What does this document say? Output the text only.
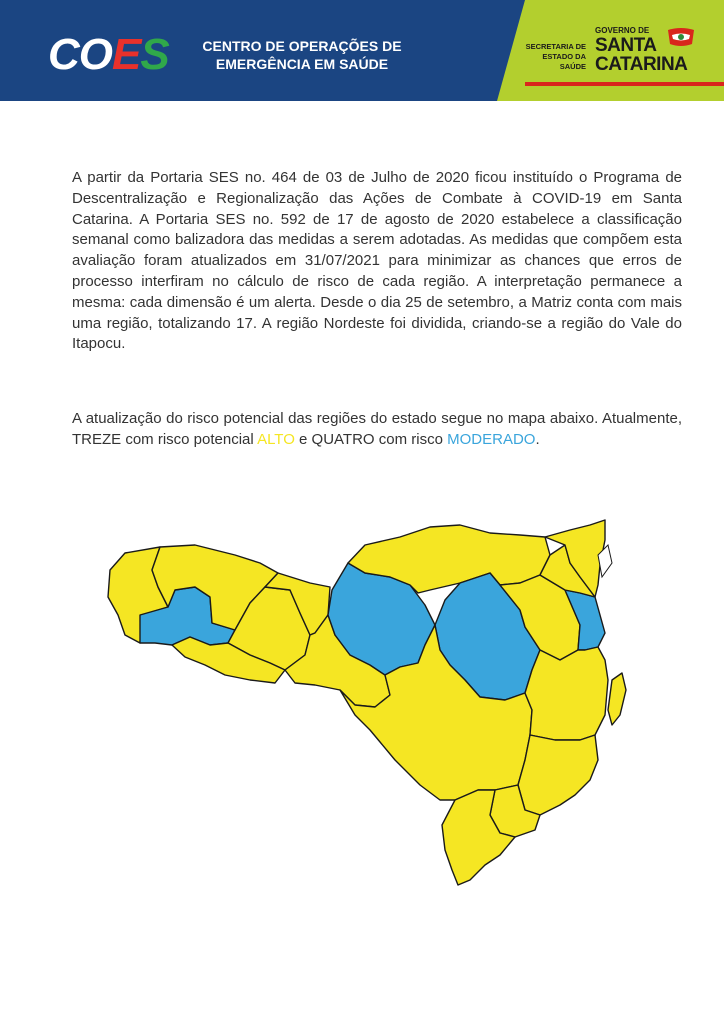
COES	CENTRO DE OPERAÇÕES DE
EMERGÊNCIA EM SAÚDE
SECRETARIA DE
ESTADO DA
SAÚDE
GOVERNO DE
SANTA
CATARINA

A partir da Portaria SES no. 464 de 03 de Julho de 2020 ficou instituído o Programa de Descentralização e Regionalização das Ações de Combate à COVID-19 em Santa Catarina. A Portaria SES no. 592 de 17 de agosto de 2020 estabelece a classificação semanal como balizadora das medidas a serem adotadas. As medidas que compõem esta avaliação foram atualizados em 31/07/2021 para minimizar as chances que erros de processo interfiram no cálculo de risco de cada região. A interpretação permanece a mesma: cada dimensão é um alerta. Desde o dia 25 de setembro, a Matriz conta com mais uma região, totalizando 17. A região Nordeste foi dividida, criando-se a região do Vale do Itapocu.

A atualização do risco potencial das regiões do estado segue no mapa abaixo. Atualmente, TREZE com risco potencial ALTO e QUATRO com risco MODERADO.
